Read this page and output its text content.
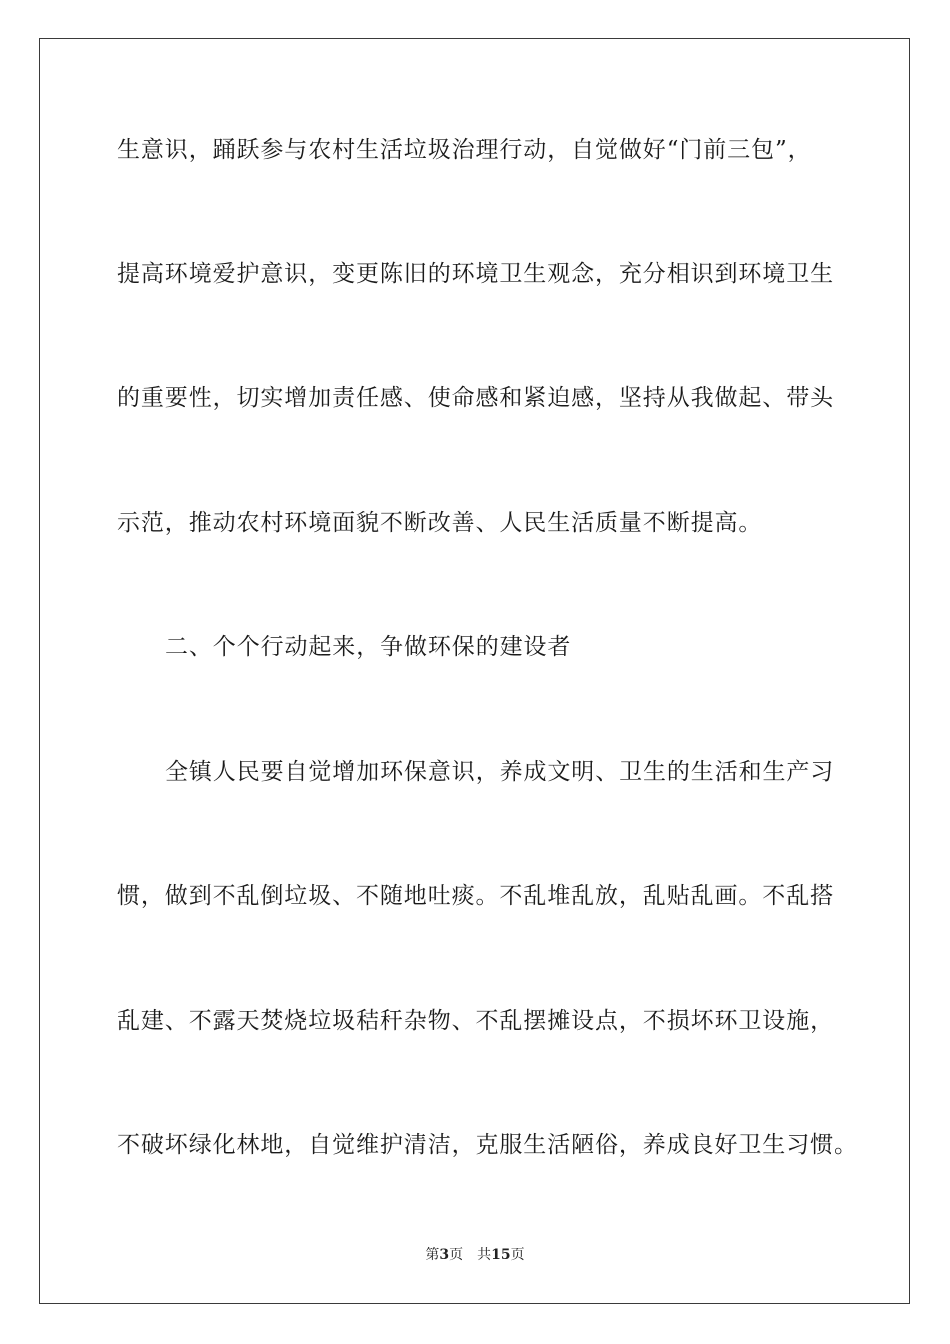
生意识，踊跃参与农村生活垃圾治理行动，自觉做好“门前三包”，
提高环境爱护意识，变更陈旧的环境卫生观念，充分相识到环境卫生
的重要性，切实增加责任感、使命感和紧迫感，坚持从我做起、带头
示范，推动农村环境面貌不断改善、人民生活质量不断提高。
二、个个行动起来，争做环保的建设者
全镇人民要自觉增加环保意识，养成文明、卫生的生活和生产习
惯，做到不乱倒垃圾、不随地吐痰。不乱堆乱放，乱贴乱画。不乱搭
乱建、不露天焚烧垃圾秸秆杂物、不乱摆摊设点，不损坏环卫设施，
不破坏绿化林地，自觉维护清洁，克服生活陋俗，养成良好卫生习惯。
第3页 共15页
